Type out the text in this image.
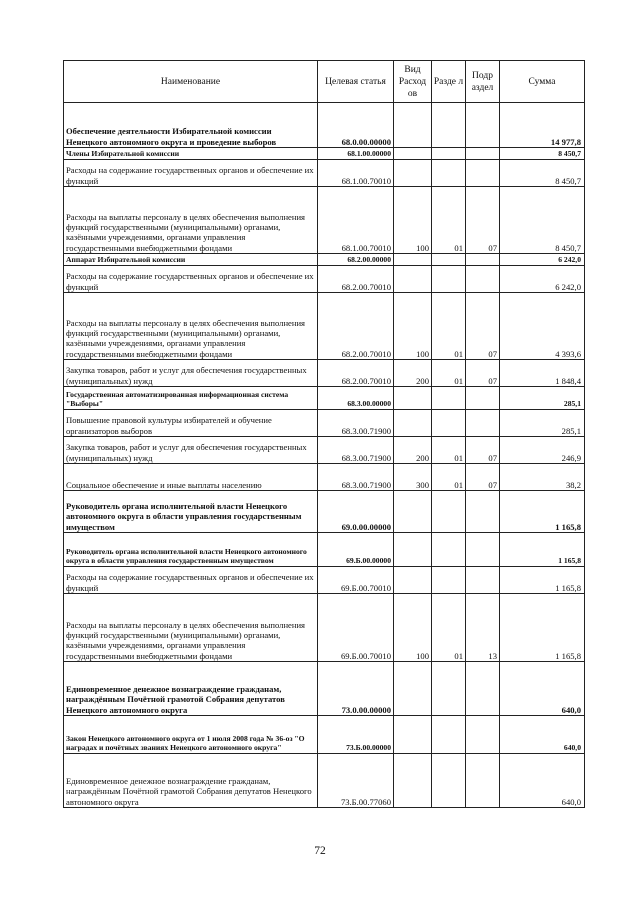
Наименование	Целевая статья	Вид Расход ов	Разде л	Подр аздел	Сумма
Обеспечение деятельности Избирательной комиссии Ненецкого автономного округа и проведение выборов	68.0.00.00000				14 977,8
Члены Избирательной комиссии	68.1.00.00000				8 450,7
Расходы на содержание государственных органов и обеспечение их функций	68.1.00.70010				8 450,7
Расходы на выплаты персоналу в целях обеспечения выполнения функций государственными (муниципальными) органами, казёнными учреждениями, органами управления государственными внебюджетными фондами	68.1.00.70010	100	01	07	8 450,7
Аппарат Избирательной комиссии	68.2.00.00000				6 242,0
Расходы на содержание государственных органов и обеспечение их функций	68.2.00.70010				6 242,0
Расходы на выплаты персоналу в целях обеспечения выполнения функций государственными (муниципальными) органами, казёнными учреждениями, органами управления государственными внебюджетными фондами	68.2.00.70010	100	01	07	4 393,6
Закупка товаров, работ и услуг для обеспечения государственных (муниципальных) нужд	68.2.00.70010	200	01	07	1 848,4
Государственная автоматизированная информационная система "Выборы"	68.3.00.00000				285,1
Повышение правовой культуры избирателей и обучение организаторов выборов	68.3.00.71900				285,1
Закупка товаров, работ и услуг для обеспечения государственных (муниципальных) нужд	68.3.00.71900	200	01	07	246,9
Социальное обеспечение и иные выплаты населению	68.3.00.71900	300	01	07	38,2
Руководитель органа исполнительной власти Ненецкого автономного округа в области управления государственным имуществом	69.0.00.00000				1 165,8
Руководитель органа исполнительной власти Ненецкого автономного округа в области управления государственным имуществом	69.Б.00.00000				1 165,8
Расходы на содержание государственных органов и обеспечение их функций	69.Б.00.70010				1 165,8
Расходы на выплаты персоналу в целях обеспечения выполнения функций государственными (муниципальными) органами, казёнными учреждениями, органами управления государственными внебюджетными фондами	69.Б.00.70010	100	01	13	1 165,8
Единовременное денежное вознаграждение гражданам, награждённым Почётной грамотой Собрания депутатов Ненецкого автономного округа	73.0.00.00000				640,0
Закон Ненецкого автономного округа от 1 июля 2008 года № 36-оз "О наградах и почётных званиях Ненецкого автономного округа"	73.Б.00.00000				640,0
Единовременное денежное вознаграждение гражданам, награждённым Почётной грамотой Собрания депутатов Ненецкого автономного округа	73.Б.00.77060				640,0
72
